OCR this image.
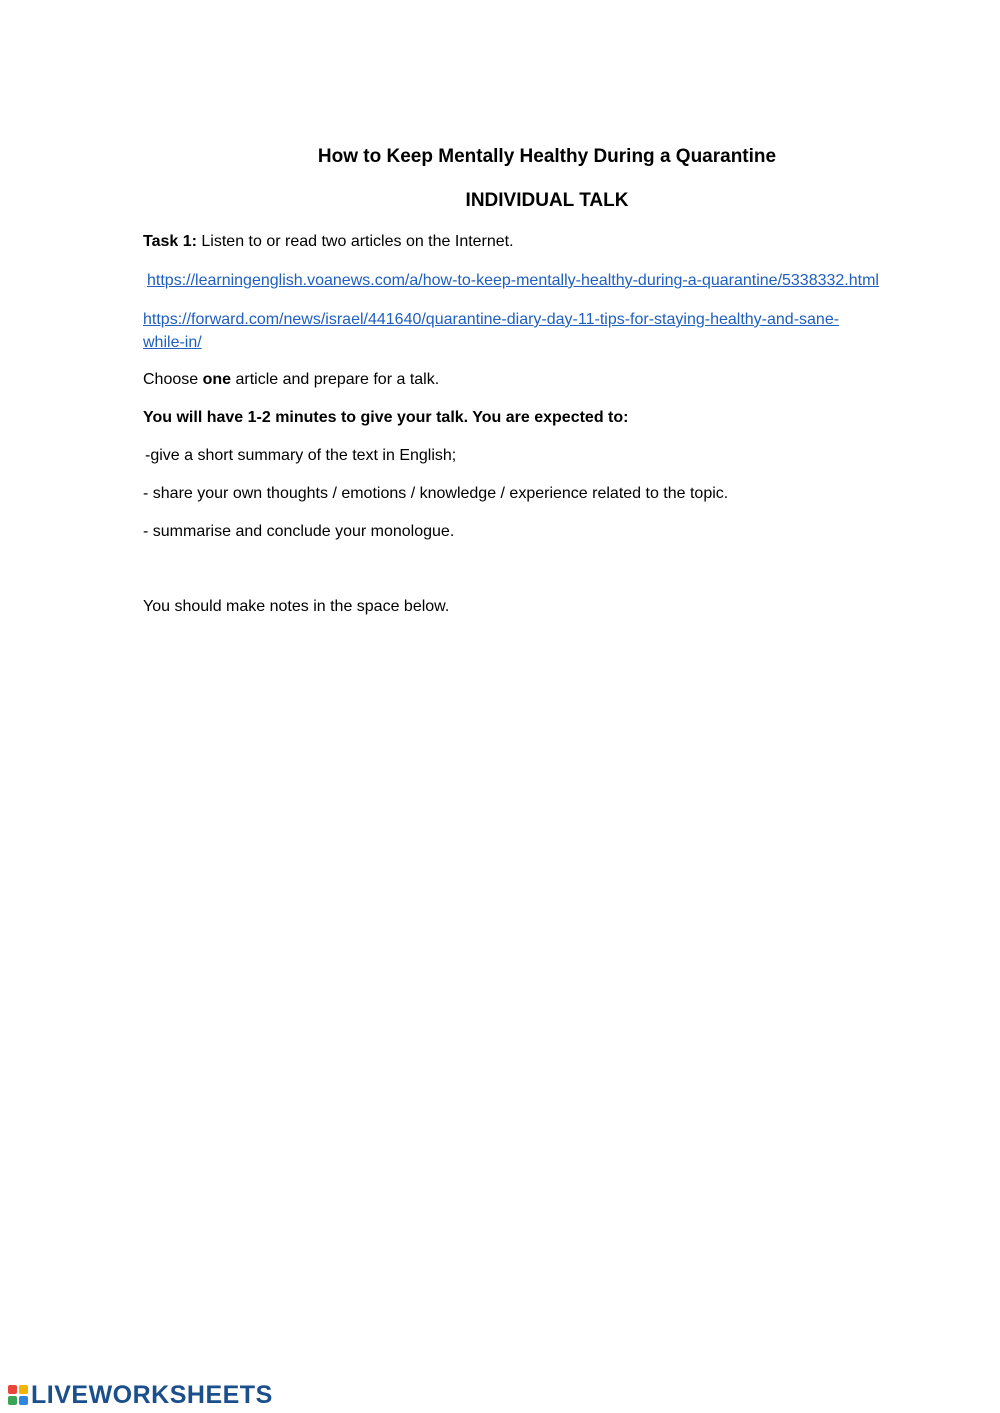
How to Keep Mentally Healthy During a Quarantine
INDIVIDUAL TALK
Task 1: Listen to or read two articles on the Internet.
https://learningenglish.voanews.com/a/how-to-keep-mentally-healthy-during-a-quarantine/5338332.html
https://forward.com/news/israel/441640/quarantine-diary-day-11-tips-for-staying-healthy-and-sane-
while-in/
Choose one article and prepare for a talk.
You will have 1-2 minutes to give your talk. You are expected to:
-give a short summary of the text in English;
- share your own thoughts / emotions / knowledge / experience related to the topic.
- summarise and conclude your monologue.
You should make notes in the space below.
LIVEWORKSHEETS
